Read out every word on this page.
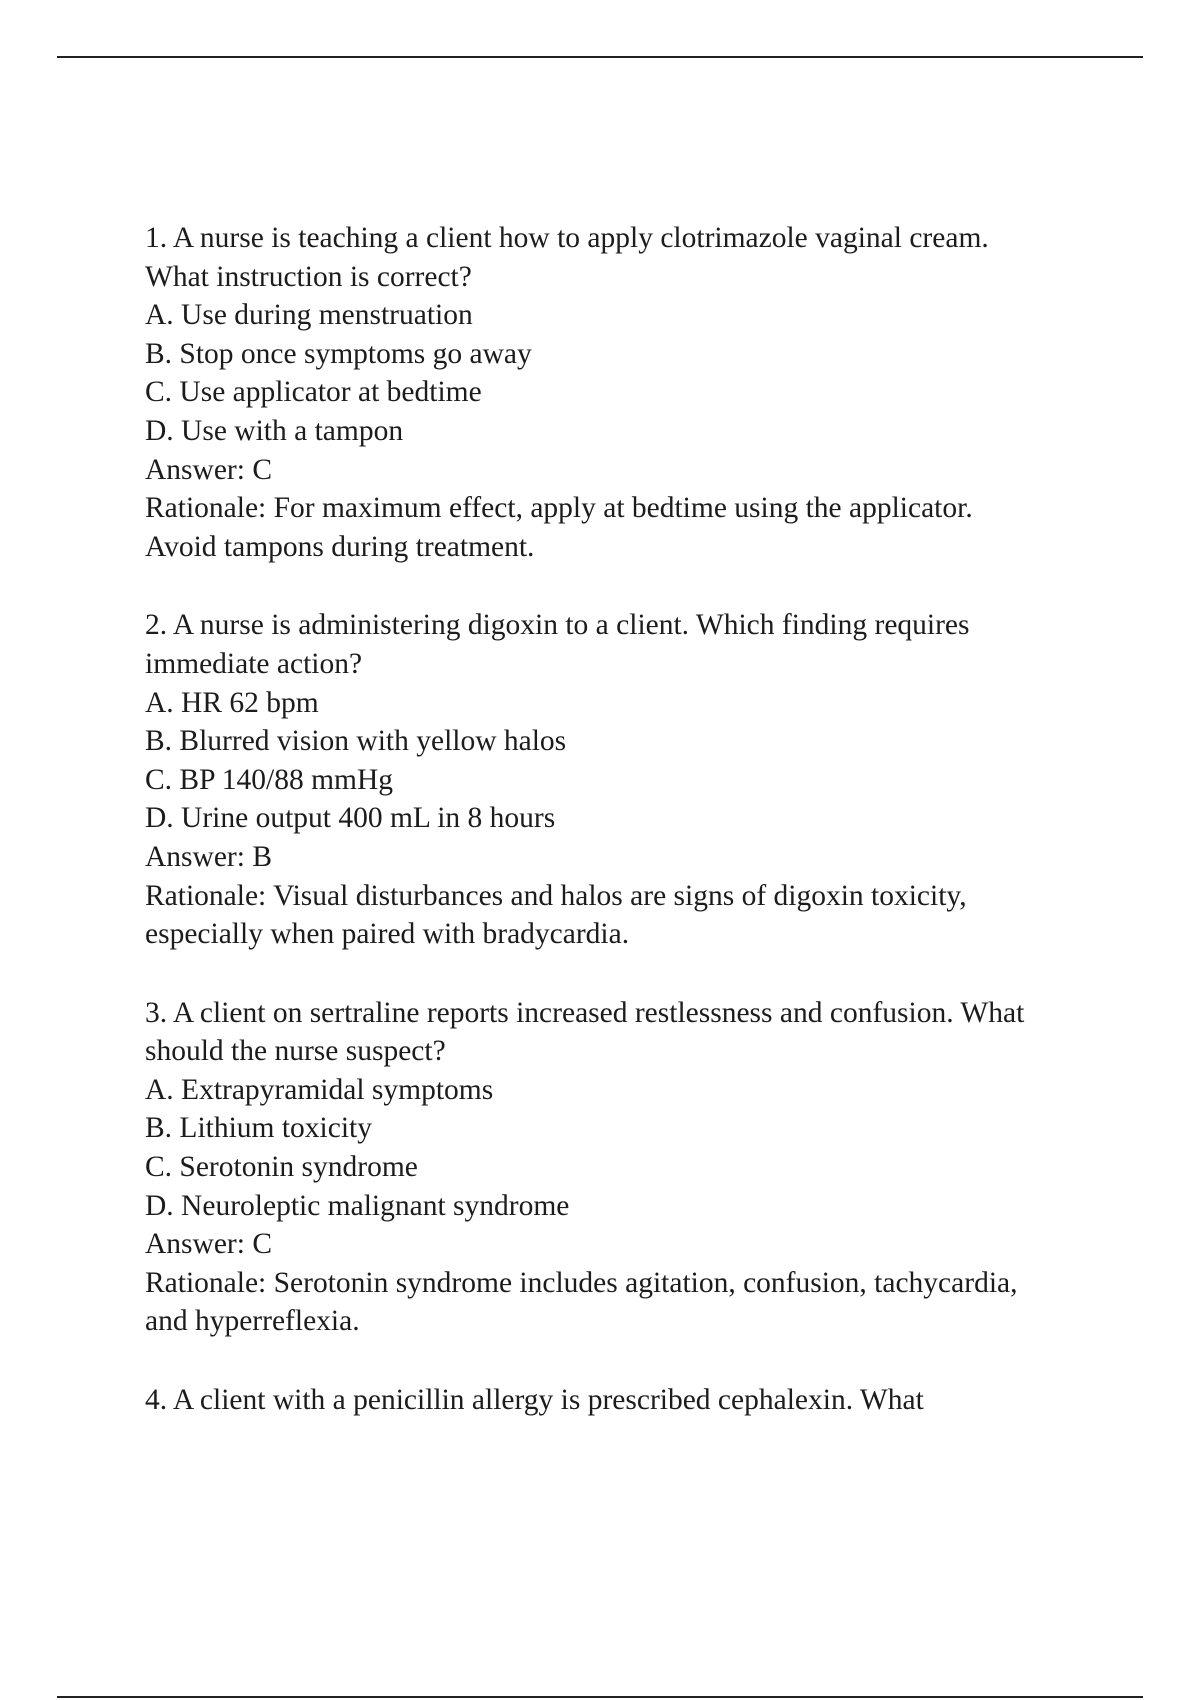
1. A nurse is teaching a client how to apply clotrimazole vaginal cream. What instruction is correct?
A. Use during menstruation
B. Stop once symptoms go away
C. Use applicator at bedtime
D. Use with a tampon
Answer: C
Rationale: For maximum effect, apply at bedtime using the applicator. Avoid tampons during treatment.
2. A nurse is administering digoxin to a client. Which finding requires immediate action?
A. HR 62 bpm
B. Blurred vision with yellow halos
C. BP 140/88 mmHg
D. Urine output 400 mL in 8 hours
Answer: B
Rationale: Visual disturbances and halos are signs of digoxin toxicity, especially when paired with bradycardia.
3. A client on sertraline reports increased restlessness and confusion. What should the nurse suspect?
A. Extrapyramidal symptoms
B. Lithium toxicity
C. Serotonin syndrome
D. Neuroleptic malignant syndrome
Answer: C
Rationale: Serotonin syndrome includes agitation, confusion, tachycardia, and hyperreflexia.
4. A client with a penicillin allergy is prescribed cephalexin. What
